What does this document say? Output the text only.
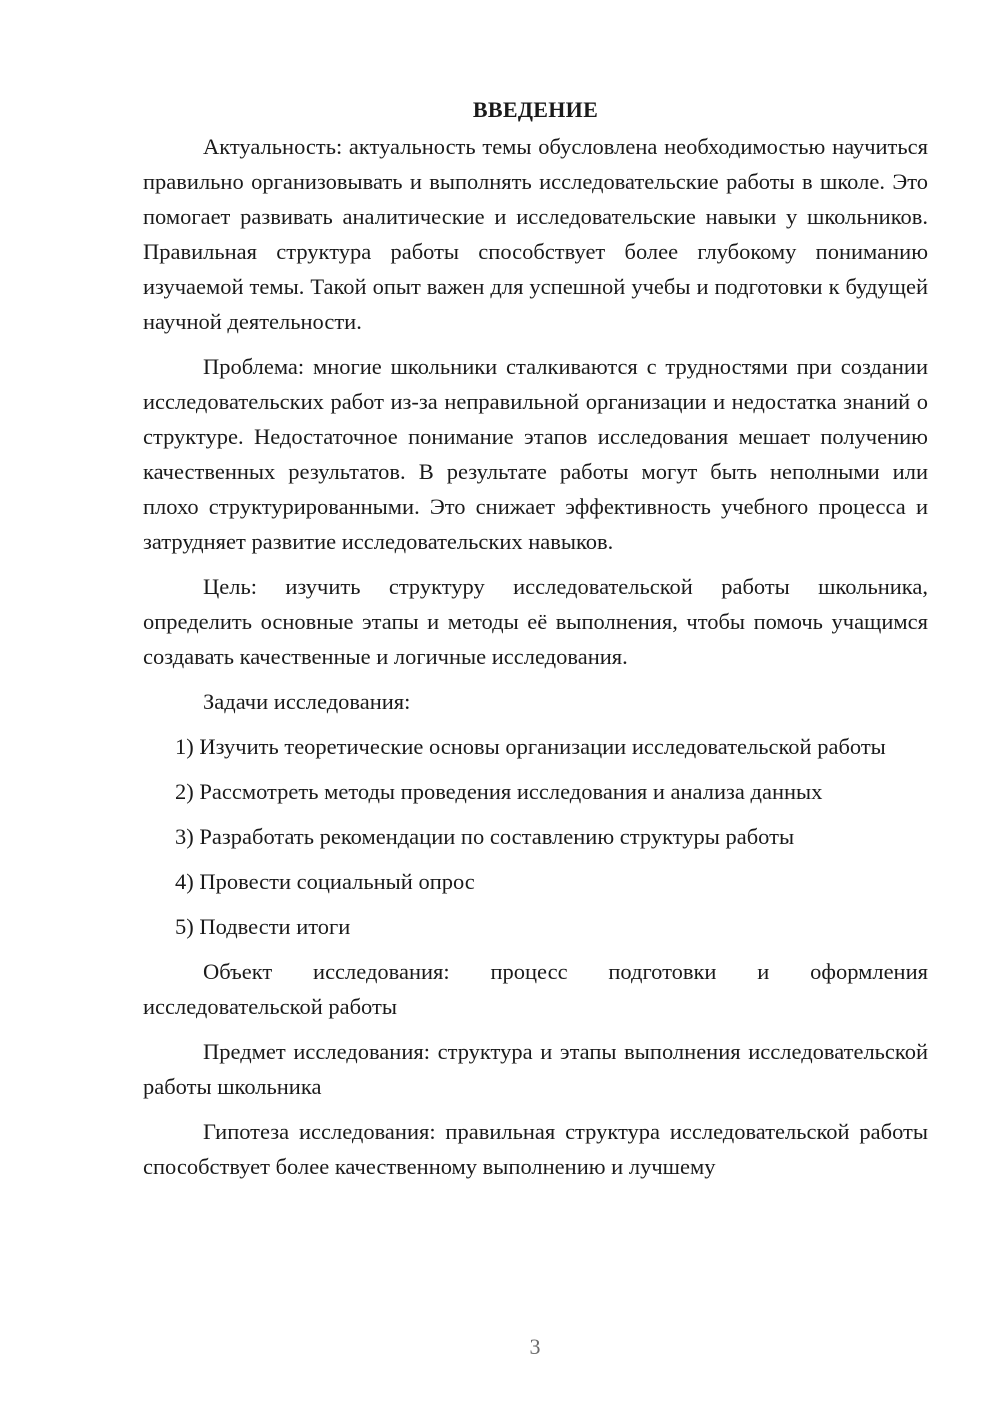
ВВЕДЕНИЕ
Актуальность: актуальность темы обусловлена необходимостью научиться правильно организовывать и выполнять исследовательские работы в школе. Это помогает развивать аналитические и исследовательские навыки у школьников. Правильная структура работы способствует более глубокому пониманию изучаемой темы. Такой опыт важен для успешной учебы и подготовки к будущей научной деятельности.
Проблема: многие школьники сталкиваются с трудностями при создании исследовательских работ из-за неправильной организации и недостатка знаний о структуре. Недостаточное понимание этапов исследования мешает получению качественных результатов. В результате работы могут быть неполными или плохо структурированными. Это снижает эффективность учебного процесса и затрудняет развитие исследовательских навыков.
Цель: изучить структуру исследовательской работы школьника, определить основные этапы и методы её выполнения, чтобы помочь учащимся создавать качественные и логичные исследования.
Задачи исследования:
1) Изучить теоретические основы организации исследовательской работы
2) Рассмотреть методы проведения исследования и анализа данных
3) Разработать рекомендации по составлению структуры работы
4) Провести социальный опрос
5) Подвести итоги
Объект исследования: процесс подготовки и оформления исследовательской работы
Предмет исследования: структура и этапы выполнения исследовательской работы школьника
Гипотеза исследования: правильная структура исследовательской работы способствует более качественному выполнению и лучшему
3
